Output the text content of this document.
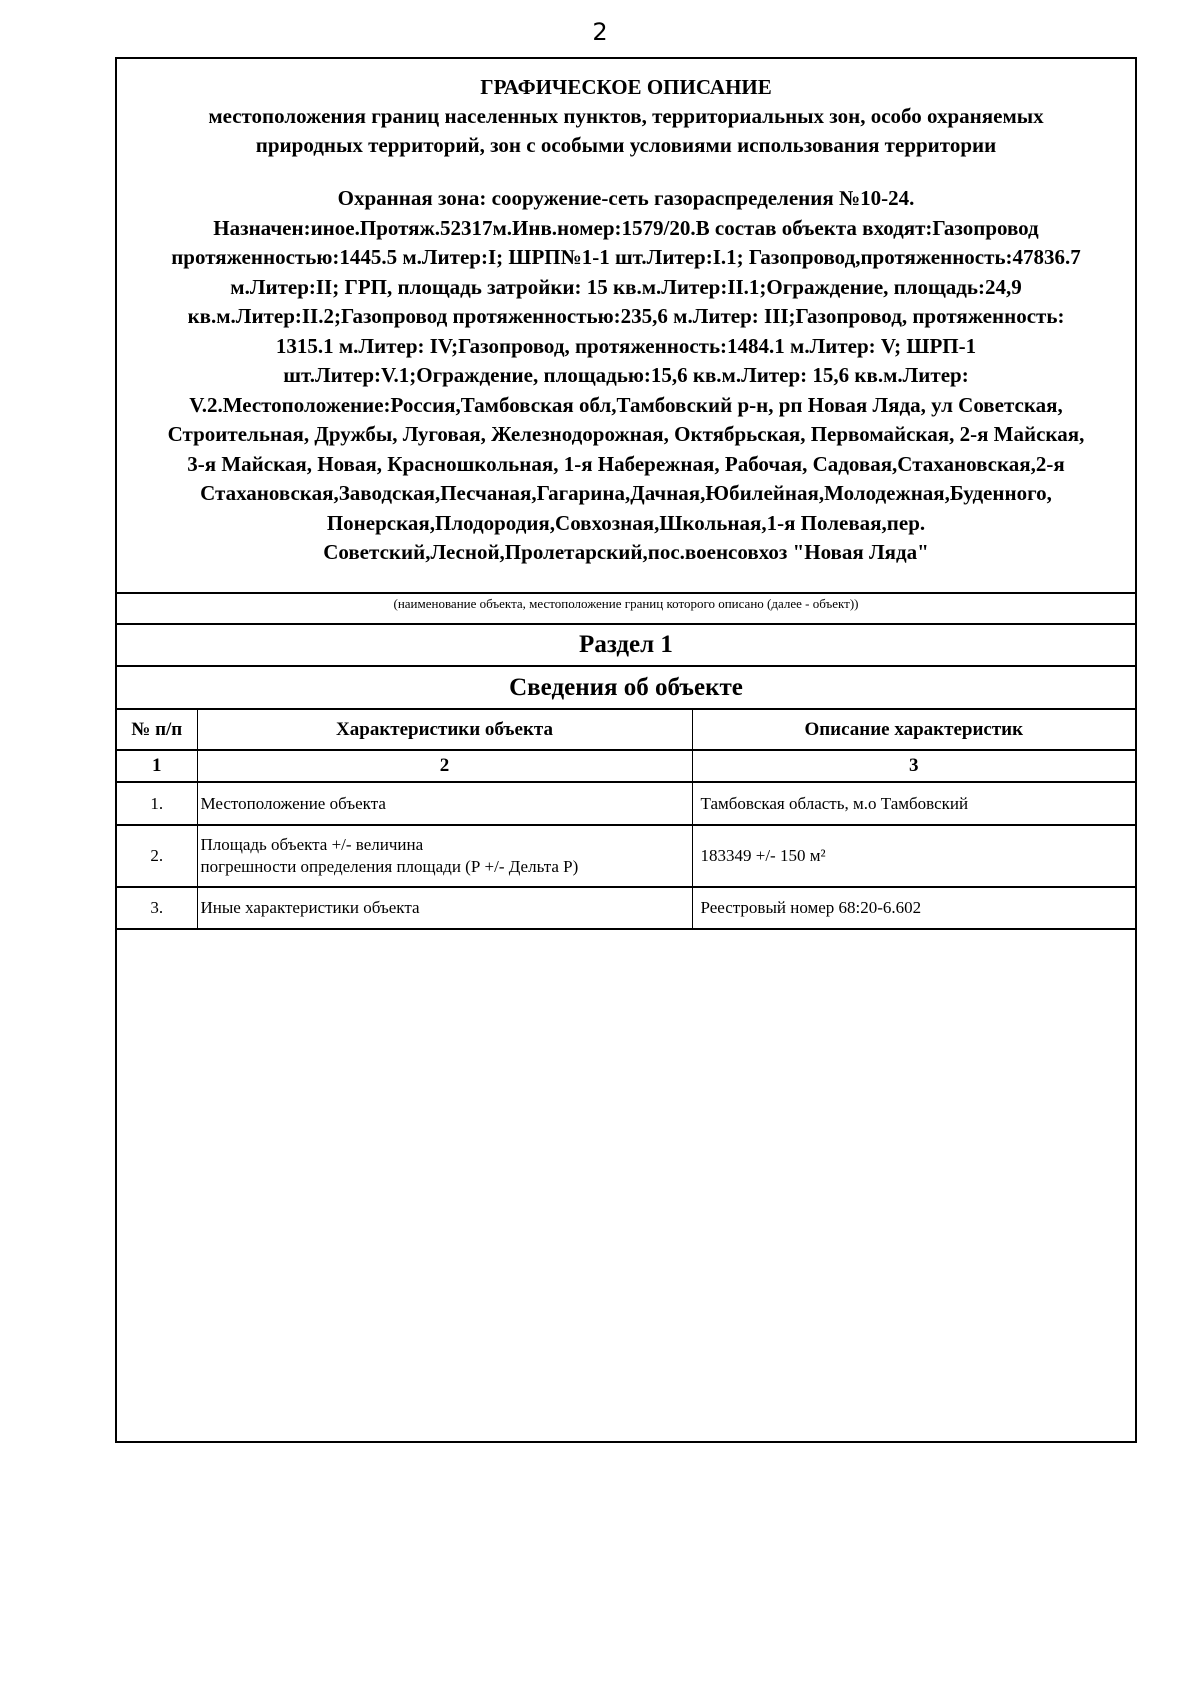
2
ГРАФИЧЕСКОЕ ОПИСАНИЕ
местоположения границ населенных пунктов, территориальных зон, особо охраняемых
природных территорий, зон с особыми условиями использования территории
Охранная зона: сооружение-сеть газораспределения №10-24.
Назначен:иное.Протяж.52317м.Инв.номер:1579/20.В состав объекта входят:Газопровод
протяженностью:1445.5 м.Литер:I; ШРП№1-1 шт.Литер:I.1; Газопровод,протяженность:47836.7
м.Литер:II; ГРП, площадь затройки: 15 кв.м.Литер:II.1;Ограждение, площадь:24,9
кв.м.Литер:II.2;Газопровод протяженностью:235,6 м.Литер: III;Газопровод, протяженность:
1315.1 м.Литер: IV;Газопровод, протяженность:1484.1 м.Литер: V; ШРП-1
шт.Литер:V.1;Ограждение, площадью:15,6 кв.м.Литер: 15,6 кв.м.Литер:
V.2.Местоположение:Россия,Тамбовская обл,Тамбовский р-н, рп Новая Ляда, ул Советская,
Строительная, Дружбы, Луговая, Железнодорожная, Октябрьская, Первомайская, 2-я Майская,
3-я Майская, Новая, Красношкольная, 1-я Набережная, Рабочая, Садовая,Стахановская,2-я
Стахановская,Заводская,Песчаная,Гагарина,Дачная,Юбилейная,Молодежная,Буденного,
Понерская,Плодородия,Совхозная,Школьная,1-я Полевая,пер.
Советский,Лесной,Пролетарский,пос.военсовхоз "Новая Ляда"
(наименование объекта, местоположение границ которого описано (далее - объект))
Раздел 1
Сведения об объекте
№ п/п	Характеристики объекта	Описание характеристик
1	2	3
1.	Местоположение объекта	Тамбовская область, м.о Тамбовский
2.	Площадь объекта +/- величина
погрешности определения площади (Р +/- Дельта Р)	183349 +/- 150 м²
3.	Иные характеристики объекта	Реестровый номер 68:20-6.602
